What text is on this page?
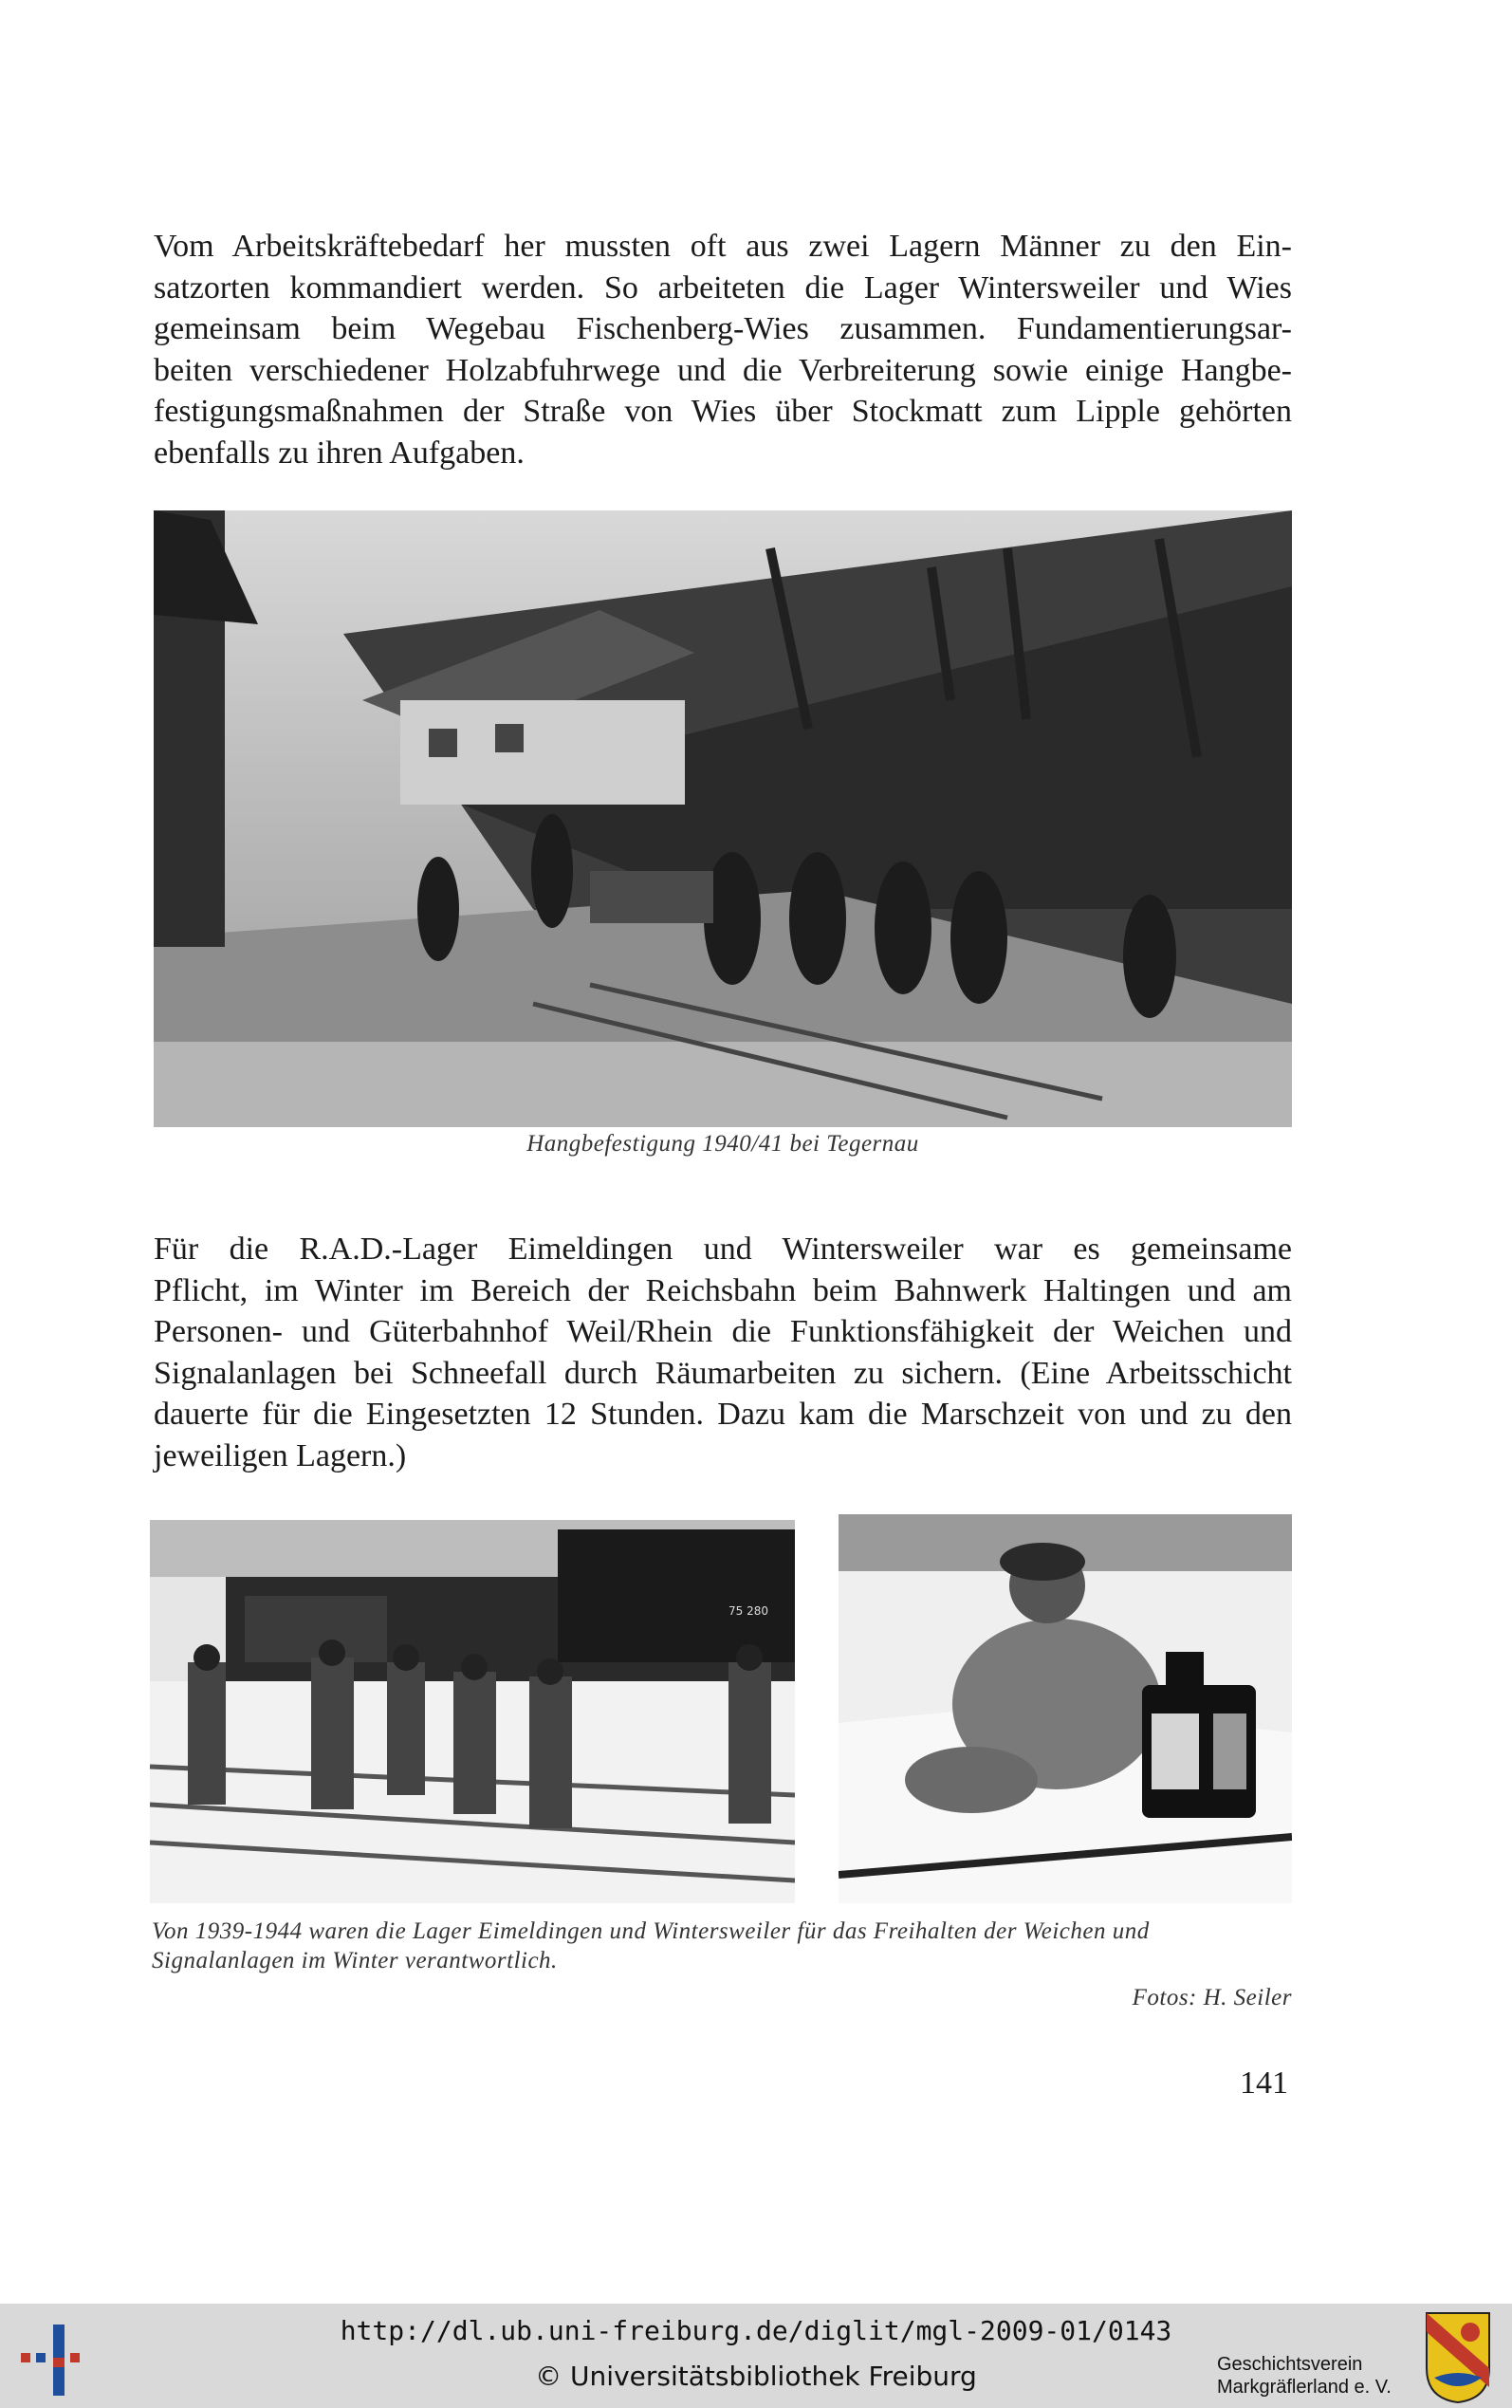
Vom Arbeitskräftebedarf her mussten oft aus zwei Lagern Männer zu den Ein-
satzorten kommandiert werden. So arbeiteten die Lager Wintersweiler und Wies
gemeinsam beim Wegebau Fischenberg-Wies zusammen. Fundamentierungsar-
beiten verschiedener Holzabfuhrwege und die Verbreiterung sowie einige Hangbe-
festigungsmaßnahmen der Straße von Wies über Stockmatt zum Lipple gehörten
ebenfalls zu ihren Aufgaben.
Hangbefestigung 1940/41 bei Tegernau
Für die R.A.D.-Lager Eimeldingen und Wintersweiler war es gemeinsame
Pflicht, im Winter im Bereich der Reichsbahn beim Bahnwerk Haltingen und am
Personen- und Güterbahnhof Weil/Rhein die Funktionsfähigkeit der Weichen und
Signalanlagen bei Schneefall durch Räumarbeiten zu sichern. (Eine Arbeitsschicht
dauerte für die Eingesetzten 12 Stunden. Dazu kam die Marschzeit von und zu den
jeweiligen Lagern.)
75 280
Von 1939-1944 waren die Lager Eimeldingen und Wintersweiler für das Freihalten der Weichen und
Signalanlagen im Winter verantwortlich.
Fotos: H. Seiler
141
http://dl.ub.uni-freiburg.de/diglit/mgl-2009-01/0143
© Universitätsbibliothek Freiburg	Geschichtsverein
Markgräflerland e. V.
